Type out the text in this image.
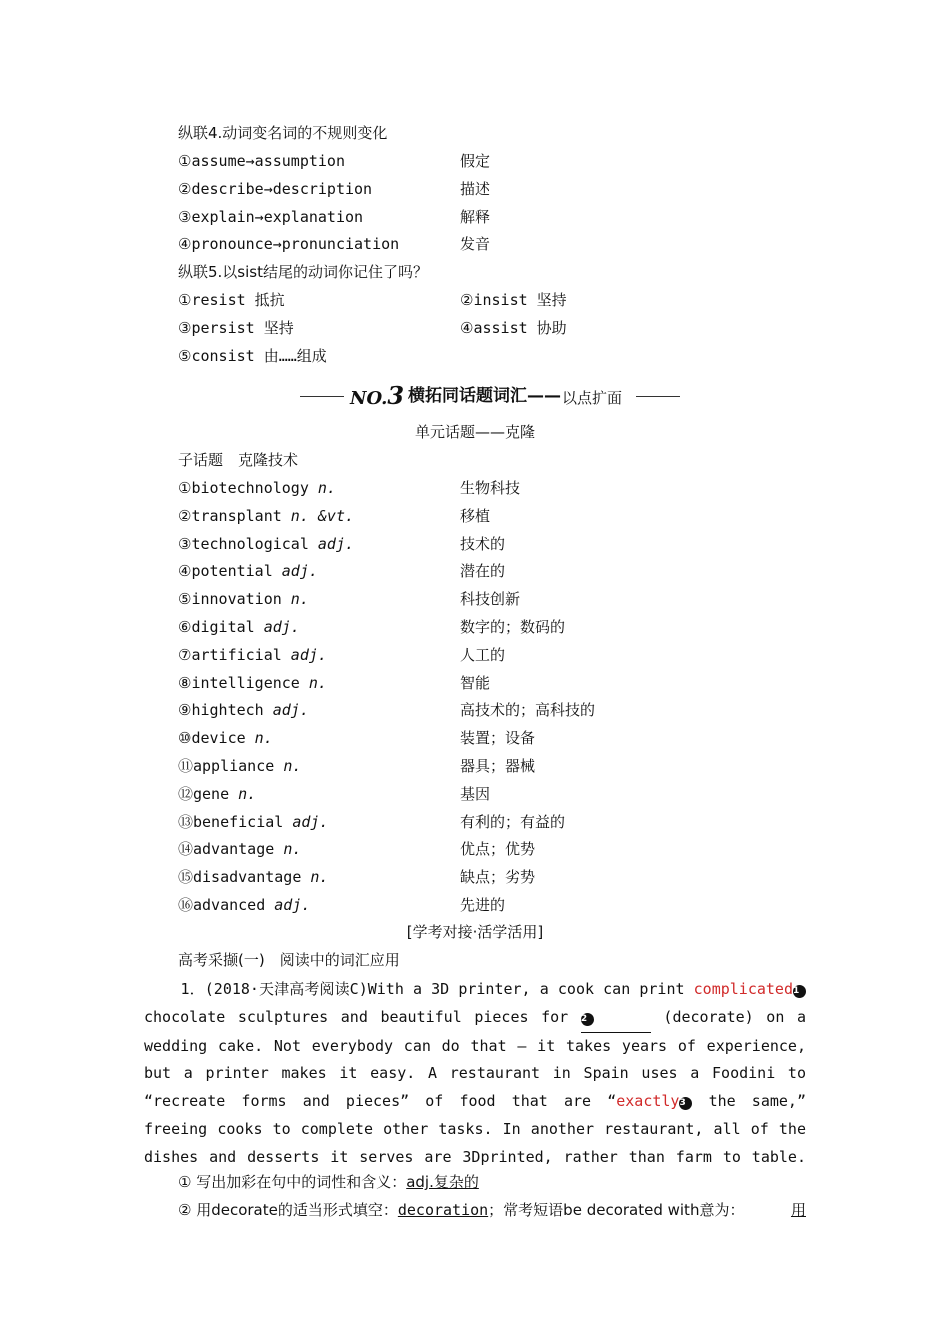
纵联4.动词变名词的不规则变化
①assume→assumption	假定
②describe→description	描述
③explain→explanation	解释
④pronounce→pronunciation	发音
纵联5.以sist结尾的动词你记住了吗？
①resist 抵抗	②insist 坚持
③persist 坚持	④assist 协助
⑤consist 由……组成
NO.3 横拓同话题词汇—— 以点扩面
单元话题——克隆
子话题　克隆技术
①biotechnology n.	生物科技
②transplant n. &vt.	移植
③technological adj.	技术的
④potential adj.	潜在的
⑤innovation n.	科技创新
⑥digital adj.	数字的；数码的
⑦artificial adj.	人工的
⑧intelligence n.	智能
⑨hightech adj.	高技术的；高科技的
⑩device n.	装置；设备
⑪appliance n.	器具；器械
⑫gene n.	基因
⑬beneficial adj.	有利的；有益的
⑭advantage n.	优点；优势
⑮disadvantage n.	缺点；劣势
⑯advanced adj.	先进的
[学考对接·活学活用]
高考采撷(一)　阅读中的词汇应用
1．(2018·天津高考阅读C)With a 3D printer, a cook can print complicated1 chocolate sculptures and beautiful pieces for 2	(decorate) on a wedding cake. Not everybody can do that — it takes years of experience, but a printer makes it easy. A restaurant in Spain uses a Foodini to “recreate forms and pieces” of food that are “exactly3 the same,” freeing cooks to complete other tasks. In another restaurant, all of the dishes and desserts it serves are 3Dprinted, rather than farm to table.
① 写出加彩在句中的词性和含义：adj.复杂的
② 用decorate的适当形式填空：decoration；常考短语be decorated with意为：	用
